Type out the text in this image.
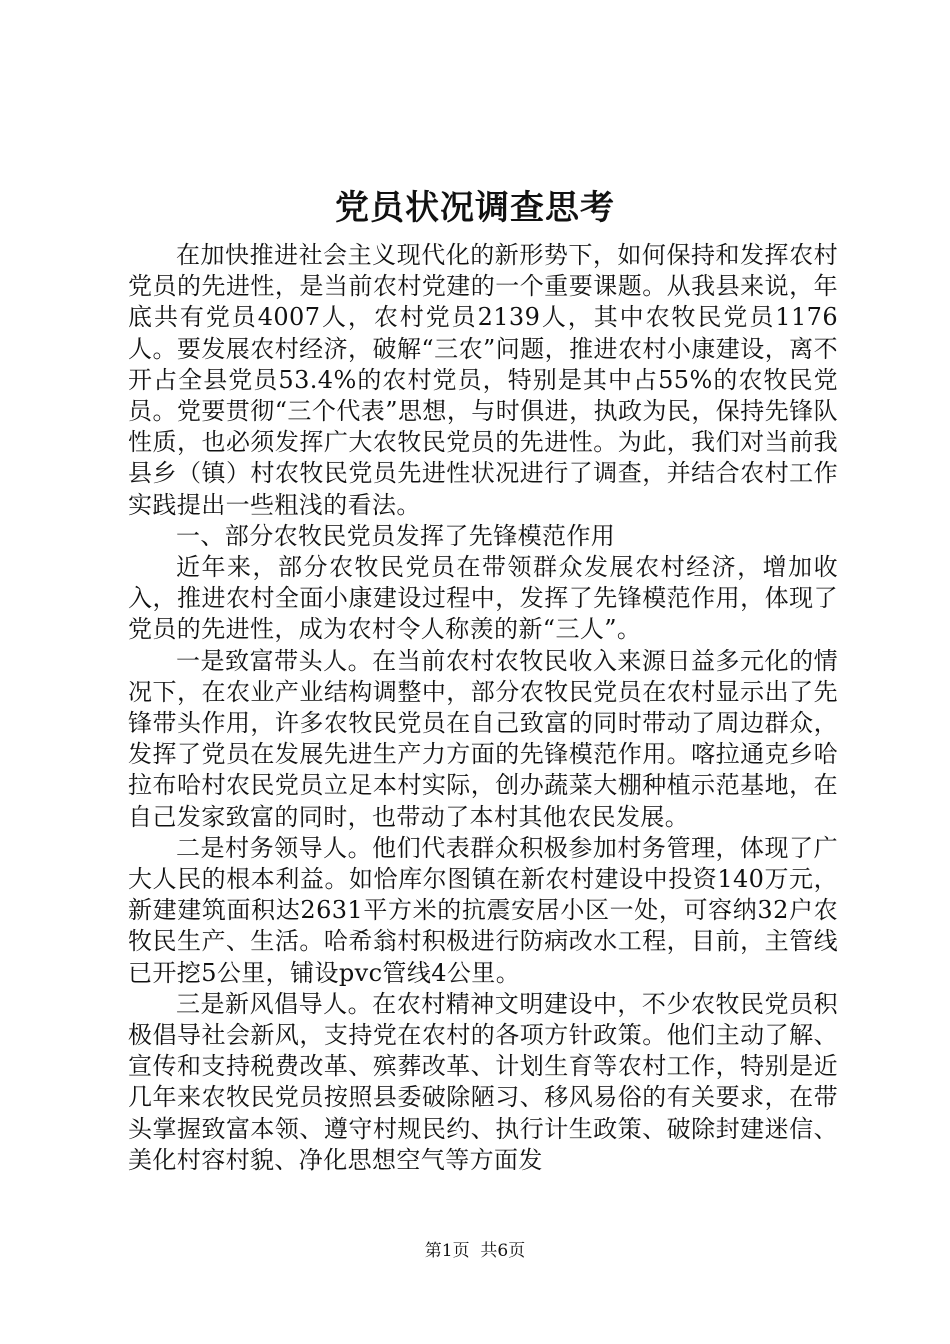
党员状况调查思考

在加快推进社会主义现代化的新形势下，如何保持和发挥农村党员的先进性，是当前农村党建的一个重要课题。从我县来说，年底共有党员4007人，农村党员2139人，其中农牧民党员1176人。要发展农村经济，破解“三农”问题，推进农村小康建设，离不开占全县党员53.4%的农村党员，特别是其中占55%的农牧民党员。党要贯彻“三个代表”思想，与时俱进，执政为民，保持先锋队性质，也必须发挥广大农牧民党员的先进性。为此，我们对当前我县乡（镇）村农牧民党员先进性状况进行了调查，并结合农村工作实践提出一些粗浅的看法。

一、部分农牧民党员发挥了先锋模范作用

近年来，部分农牧民党员在带领群众发展农村经济，增加收入，推进农村全面小康建设过程中，发挥了先锋模范作用，体现了党员的先进性，成为农村令人称羡的新“三人”。

一是致富带头人。在当前农村农牧民收入来源日益多元化的情况下，在农业产业结构调整中，部分农牧民党员在农村显示出了先锋带头作用，许多农牧民党员在自己致富的同时带动了周边群众，发挥了党员在发展先进生产力方面的先锋模范作用。喀拉通克乡哈拉布哈村农民党员立足本村实际，创办蔬菜大棚种植示范基地，在自己发家致富的同时，也带动了本村其他农民发展。

二是村务领导人。他们代表群众积极参加村务管理，体现了广大人民的根本利益。如恰库尔图镇在新农村建设中投资140万元，新建建筑面积达2631平方米的抗震安居小区一处，可容纳32户农牧民生产、生活。哈希翁村积极进行防病改水工程，目前，主管线已开挖5公里，铺设pvc管线4公里。

三是新风倡导人。在农村精神文明建设中，不少农牧民党员积极倡导社会新风，支持党在农村的各项方针政策。他们主动了解、宣传和支持税费改革、殡葬改革、计划生育等农村工作，特别是近几年来农牧民党员按照县委破除陋习、移风易俗的有关要求，在带头掌握致富本领、遵守村规民约、执行计生政策、破除封建迷信、美化村容村貌、净化思想空气等方面发

第1页 共6页
